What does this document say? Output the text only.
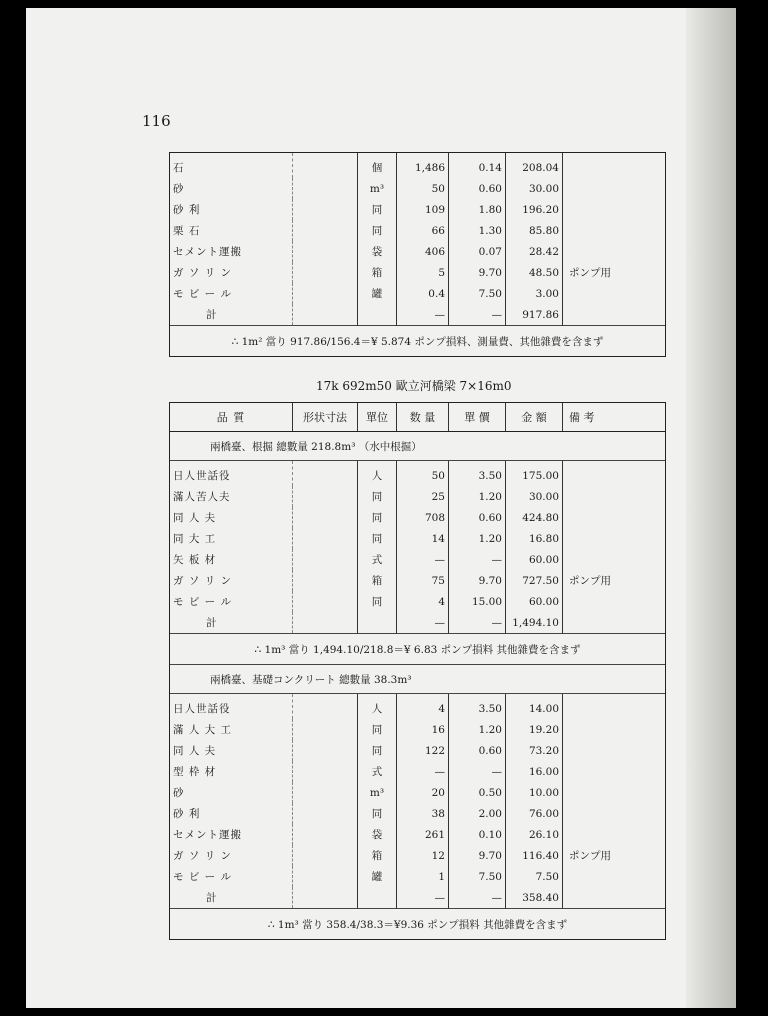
116
石		個	1,486	0.14	208.04	
砂		m³	50	0.60	30.00	
砂 利		同	109	1.80	196.20	
栗 石		同	66	1.30	85.80	
セメント運搬		袋	406	0.07	28.42	
ガ ソ リ ン		箱	5	9.70	48.50	ポンプ用
モ ビ ー ル		罐	0.4	7.50	3.00	
計			—	—	917.86	
∴ 1m² 當り 917.86/156.4＝¥ 5.874 ポンプ損料、測量費、其他雜費を含まず						
17k 692m50 歐立河橋梁 7×16m0
品 質	形状寸法	單位	数 量	單 價	金 額	備 考
兩橋臺、根掘 總數量 218.8m³ （水中根掘）						
日人世話役		人	50	3.50	175.00	
滿人苦人夫		同	25	1.20	30.00	
同 人 夫		同	708	0.60	424.80	
同 大 工		同	14	1.20	16.80	
矢 板 材		式	—	—	60.00	
ガ ソ リ ン		箱	75	9.70	727.50	ポンプ用
モ ビ ー ル		同	4	15.00	60.00	
計			—	—	1,494.10	
∴ 1m³ 當り 1,494.10/218.8＝¥ 6.83 ポンプ損料 其他雜費を含まず						
兩橋臺、基礎コンクリート 總數量 38.3m³						
日人世話役		人	4	3.50	14.00	
滿 人 大 工		同	16	1.20	19.20	
同 人 夫		同	122	0.60	73.20	
型 枠 材		式	—	—	16.00	
砂		m³	20	0.50	10.00	
砂 利		同	38	2.00	76.00	
セメント運搬		袋	261	0.10	26.10	
ガ ソ リ ン		箱	12	9.70	116.40	ポンプ用
モ ビ ー ル		罐	1	7.50	7.50	
計			—	—	358.40	
∴ 1m³ 當り 358.4/38.3＝¥9.36 ポンプ損料 其他雜費を含まず						
